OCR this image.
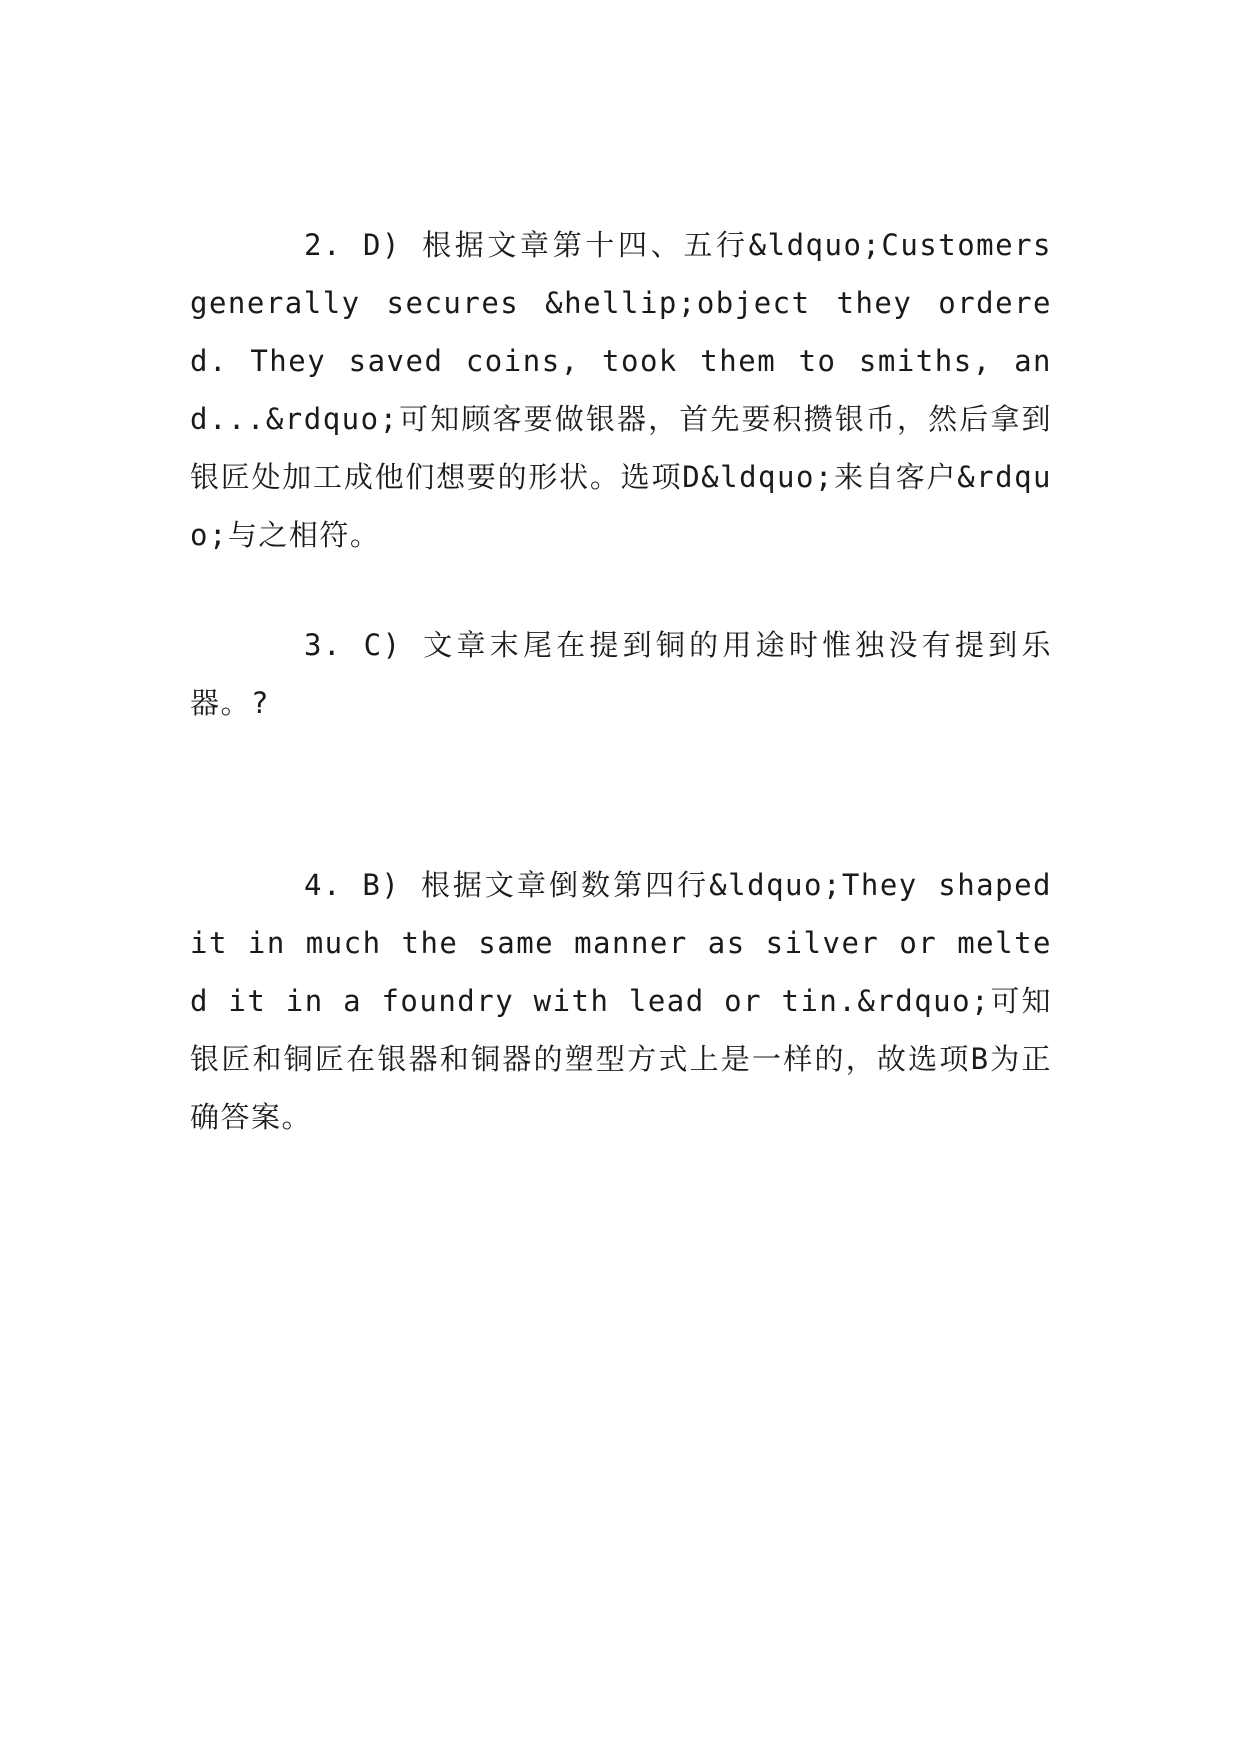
2. D) 根据文章第十四、五行&ldquo;Customers generally secures &hellip;object they ordered. They saved coins, took them to smiths, and...&rdquo;可知顾客要做银器，首先要积攒银币，然后拿到银匠处加工成他们想要的形状。选项D&ldquo;来自客户&rdquo;与之相符。

3. C) 文章末尾在提到铜的用途时惟独没有提到乐器。?

4. B) 根据文章倒数第四行&ldquo;They shaped it in much the same manner as silver or melted it in a foundry with lead or tin.&rdquo;可知银匠和铜匠在银器和铜器的塑型方式上是一样的，故选项B为正确答案。
